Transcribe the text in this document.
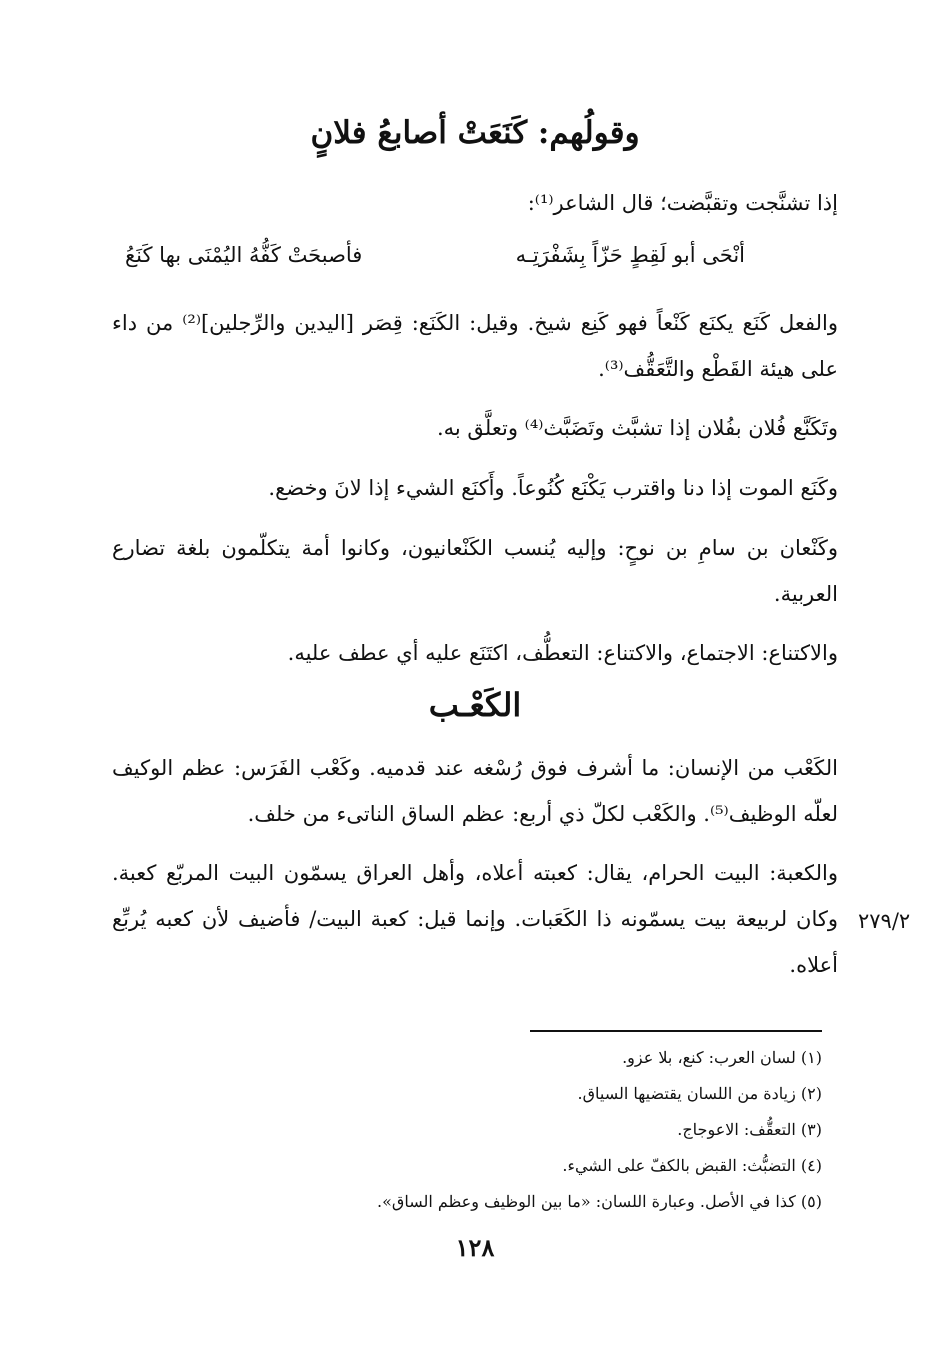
وقولُهم: كَنَعَتْ أصابعُ فلانٍ
إذا تشنَّجت وتقبَّضت؛ قال الشاعر⁽¹⁾:
أنْحَى أبو لَقِطٍ حَزّاً بِشَفْرَتِـه
فأصبحَتْ كَفُّهُ اليُمْنَى بها كَنَعُ
والفعل كَنَع يكنَع كَنْعاً فهو كَنِع شيخ. وقيل: الكَنَع: قِصَر [اليدين والرِّجلين]⁽²⁾ من داء على هيئة القَطْع والتَّعَقُّف⁽³⁾.
وتَكَنَّع فُلان بفُلان إذا تشبَّث وتَضَبَّث⁽⁴⁾ وتعلَّق به.
وكَنَع الموت إذا دنا واقترب يَكْنَع كُنُوعاً. وأَكنَع الشيء إذا لانَ وخضع.
وكَنْعان بن سامِ بن نوحٍ: وإليه يُنسب الكَنْعانيون، وكانوا أمة يتكلّمون بلغة تضارع العربية.
والاكتناع: الاجتماع، والاكتناع: التعطُّف، اكتَنَع عليه أي عطف عليه.
الكَعْـب
الكَعْب من الإنسان: ما أشرف فوق رُسْغه عند قدميه. وكَعْب الفَرَس: عظم الوكيف لعلّه الوظيف⁽⁵⁾. والكَعْب لكلّ ذي أربع: عظم الساق الناتىء من خلف.
والكعبة: البيت الحرام، يقال: كعبته أعلاه، وأهل العراق يسمّون البيت المربّع كعبة. وكان لربيعة بيت يسمّونه ذا الكَعَبات. وإنما قيل: كعبة البيت/ فأضيف لأن كعبه يُربِّع أعلاه.
٢٧٩/٢
(١) لسان العرب: كنع، بلا عزو.
(٢) زيادة من اللسان يقتضيها السياق.
(٣) التعقُّف: الاعوجاج.
(٤) التضبُّث: القبض بالكفّ على الشيء.
(٥) كذا في الأصل. وعبارة اللسان: «ما بين الوظيف وعظم الساق».
١٢٨
